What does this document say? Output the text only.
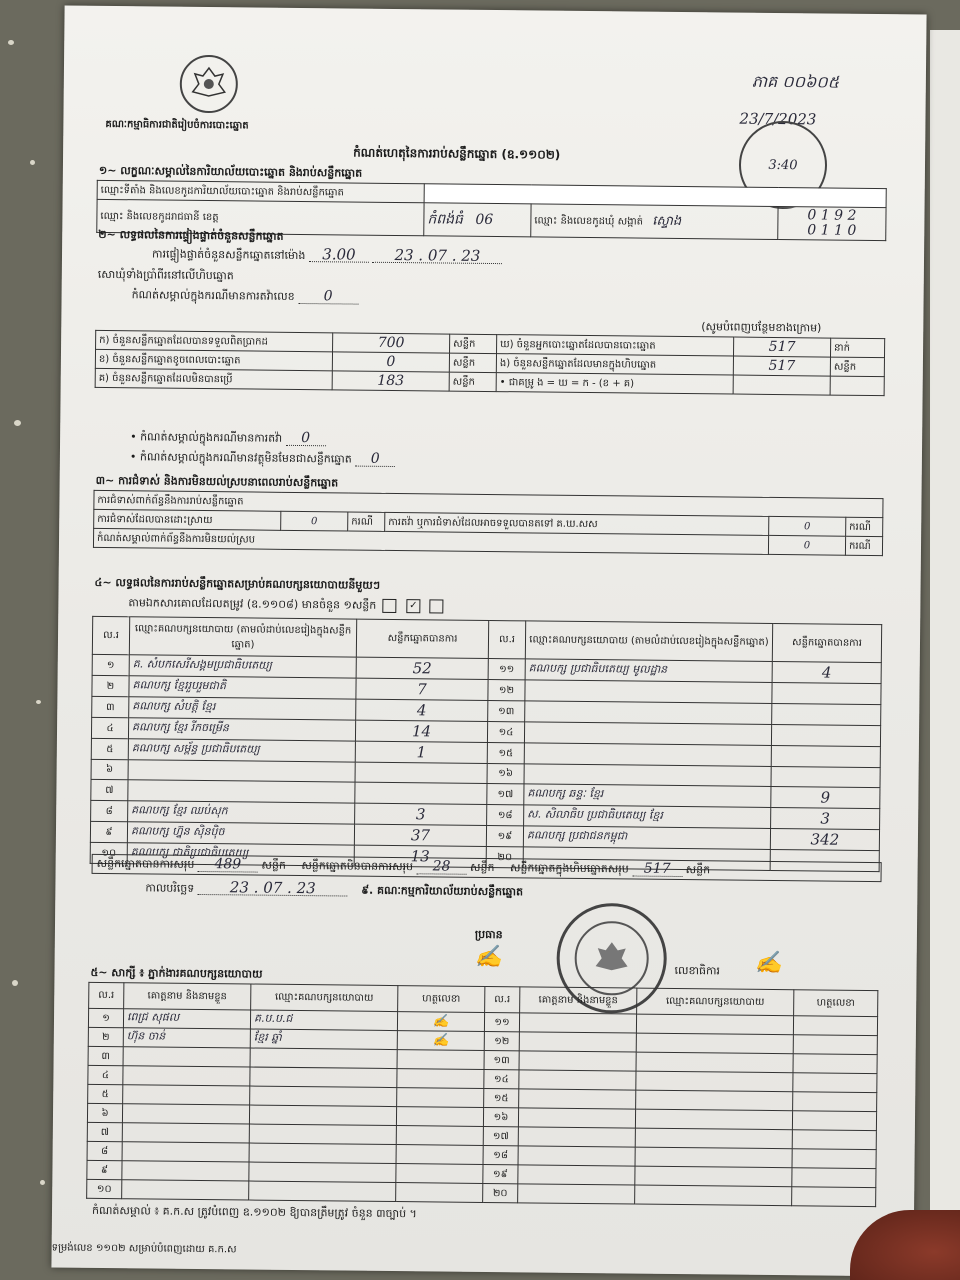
គណៈកម្មាធិការជាតិរៀបចំការបោះឆ្នោត
ភាគ ០០៦០៥
23/7/2023
3:40
កំណត់ហេតុនៃការរាប់សន្លឹកឆ្នោត (ឧ.១១០២)
១~ លក្ខណៈ​សម្គាល់​នៃការិយាល័យបោះឆ្នោត និង​រាប់​សន្លឹកឆ្នោត
ឈ្មោះទីតាំង និងលេខកូដការិយាល័យបោះឆ្នោត និងរាប់សន្លឹកឆ្នោត			
ឈ្មោះ និងលេខកូដរាជធានី ខេត្ត	កំពង់ធំ 06	ឈ្មោះ និងលេខកូដឃុំ សង្កាត់ ស្ទោង	0 1 9 2
0 1 1 0
២~ លទ្ធផលនៃការផ្ទៀងផ្ទាត់ចំនួនសន្លឹកឆ្នោត
ការផ្ទៀងផ្ទាត់ចំនួនសន្លឹកឆ្នោតនៅម៉ោង 3.00	23 . 07 . 23
សោឃុំទាំងប្រាំពីរនៅលើហិបឆ្នោត
កំណត់សម្គាល់ក្នុងករណីមានការតវ៉ាលេខ 0
(សូមបំពេញបន្ថែមខាងក្រោម)
ក) ចំនួនសន្លឹកឆ្នោតដែលបានទទួលពិតប្រាកដ	700	សន្លឹក	ឃ) ចំនួនអ្នកបោះឆ្នោតដែលបានបោះឆ្នោត	517	នាក់
ខ) ចំនួនសន្លឹកឆ្នោតខូចពេលបោះឆ្នោត	0	សន្លឹក	ង) ចំនួនសន្លឹកឆ្នោតដែលមានក្នុងហិបឆ្នោត	517	សន្លឹក
គ) ចំនួនសន្លឹកឆ្នោតដែលមិនបានប្រើ	183	សន្លឹក	• ជាគម្រូ ង = ឃ = ក - (ខ + គ)		
• កំណត់សម្គាល់ក្នុងករណីមានការតវ៉ា 0
• កំណត់សម្គាល់ក្នុងករណីមានវត្ថុមិនមែនជាសន្លឹកឆ្នោត 0
៣~ ការជំទាស់ និងការមិនយល់ស្របនាពេលរាប់សន្លឹកឆ្នោត
ការជំទាស់ពាក់ព័ន្ធនឹងការរាប់សន្លឹកឆ្នោត					
ការជំទាស់ដែលបានដោះស្រាយ	0	ករណី	ការតវ៉ា ឬការជំទាស់ដែលអាចទទួលបានតទៅ គ.ឃ.សស	0	ករណី
កំណត់សម្គាល់ពាក់ព័ន្ធនឹងការមិនយល់ស្រប				0	ករណី
៤~ លទ្ធផលនៃការរាប់សន្លឹកឆ្នោតសម្រាប់គណបក្សនយោបាយនីមួយៗ
តាមឯកសារគោលដែលតម្រូវ (ឧ.១១០៨) មានចំនួន ១សន្លឹក	✓
ល.រ	ឈ្មោះគណបក្សនយោបាយ (តាមលំដាប់លេខរៀងក្នុងសន្លឹកឆ្នោត)	សន្លឹកឆ្នោតបានការ	ល.រ	ឈ្មោះគណបក្សនយោបាយ (តាមលំដាប់លេខរៀងក្នុងសន្លឹកឆ្នោត)	សន្លឹកឆ្នោតបានការ
១	គ. សំបកសេរីសង្គមប្រជាធិបតេយ្យ	52	១១	គណបក្ស ប្រជាធិបតេយ្យ មូលដ្ឋាន	4
២	គណបក្ស ខ្មែររួបរួមជាតិ	7	១២		
៣	គណបក្ស សំបត្តិ ខ្មែរ	4	១៣		
៤	គណបក្ស ខ្មែរ រីកចម្រើន	14	១៤		
៥	គណបក្ស សម្ព័ន្ធ ប្រជាធិបតេយ្យ	1	១៥		
៦			១៦		
៧			១៧	គណបក្ស ឆន្ទៈ ខ្មែរ	9
៨	គណបក្ស ខ្មែរ ឈប់សុក	3	១៨	ស. សិលាធិប ប្រជាធិបតេយ្យ ខ្មែរ	3
៩	គណបក្ស ហ្វ៊ុន ស៊ិនប៉ិច	37	១៩	គណបក្ស ប្រជាជនកម្ពុជា	342
១០	គណបក្ស ជាតិប្រជាធិបតេយ្យ	13	២០		
សន្លឹកឆ្នោតបានការសរុប 489 សន្លឹក សន្លឹកឆ្នោតមិនបានការសរុប 28 សន្លឹក សន្លឹកឆ្នោតក្នុងហិបឆ្នោតសរុប 517 សន្លឹក
កាលបរិច្ឆេទ 23 . 07 . 23	៩. គណៈកម្មការិយាល័យរាប់សន្លឹកឆ្នោត
ប្រធាន
✍
លេខាធិការ ✍
៥~ សាក្សី ៖ ភ្នាក់ងារគណបក្សនយោបាយ
ល.រ	គោត្តនាម និងនាមខ្លួន	ឈ្មោះគណបក្សនយោបាយ	ហត្ថលេខា	ល.រ	គោត្តនាម និងនាមខ្លួន	ឈ្មោះគណបក្សនយោបាយ	ហត្ថលេខា
១	ពេជ្រ សុផល	គ.ប.ប.ជ	✍	១១			
២	ហ៊ុន ចាន់	ខ្មែរ ឆ្នាំ	✍	១២			
៣				១៣			
៤				១៤			
៥				១៥			
៦				១៦			
៧				១៧			
៨				១៨			
៩				១៩			
១០				២០			
កំណត់សម្គាល់ ៖ គ.ក.ស ត្រូវបំពេញ ឧ.១១០២ ឱ្យបានត្រឹមត្រូវ ចំនួន ៣ច្បាប់ ។
ទម្រង់លេខ ១១០២ សម្រាប់បំពេញដោយ គ.ក.ស
